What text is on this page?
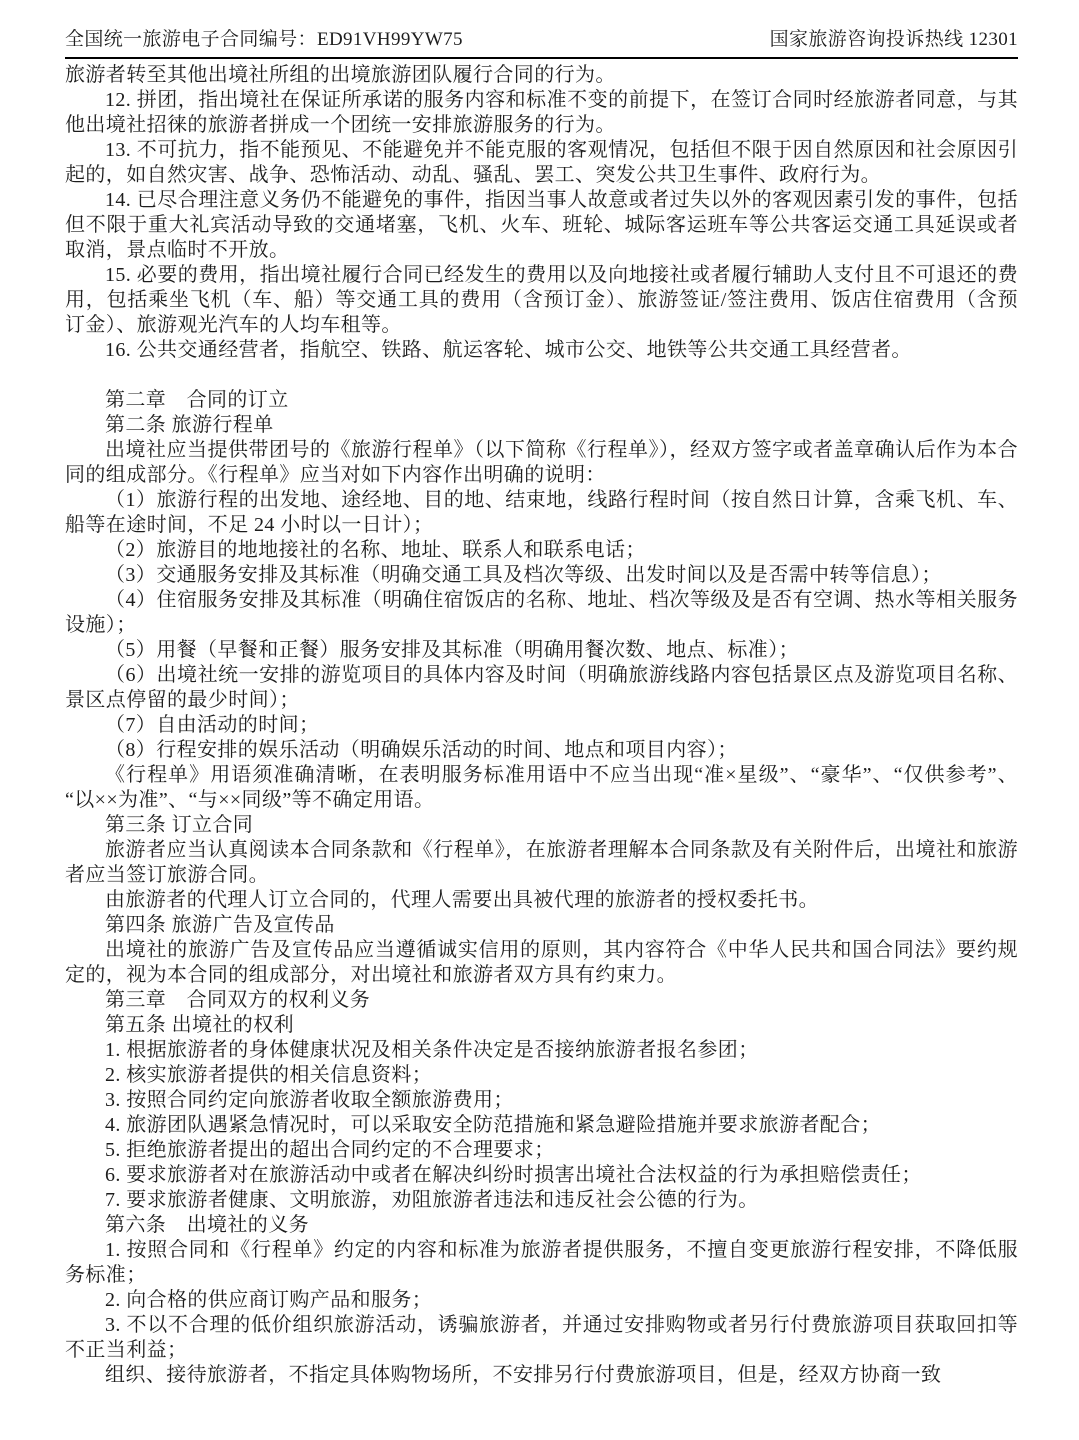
全国统一旅游电子合同编号：ED91VH99YW75	国家旅游咨询投诉热线 12301

旅游者转至其他出境社所组的出境旅游团队履行合同的行为。

12. 拼团，指出境社在保证所承诺的服务内容和标准不变的前提下，在签订合同时经旅游者同意，与其他出境社招徕的旅游者拼成一个团统一安排旅游服务的行为。

13. 不可抗力，指不能预见、不能避免并不能克服的客观情况，包括但不限于因自然原因和社会原因引起的，如自然灾害、战争、恐怖活动、动乱、骚乱、罢工、突发公共卫生事件、政府行为。

14. 已尽合理注意义务仍不能避免的事件，指因当事人故意或者过失以外的客观因素引发的事件，包括但不限于重大礼宾活动导致的交通堵塞，飞机、火车、班轮、城际客运班车等公共客运交通工具延误或者取消，景点临时不开放。

15. 必要的费用，指出境社履行合同已经发生的费用以及向地接社或者履行辅助人支付且不可退还的费用，包括乘坐飞机（车、船）等交通工具的费用（含预订金）、旅游签证/签注费用、饭店住宿费用（含预订金）、旅游观光汽车的人均车租等。

16. 公共交通经营者，指航空、铁路、航运客轮、城市公交、地铁等公共交通工具经营者。

第二章　合同的订立

第二条 旅游行程单

出境社应当提供带团号的《旅游行程单》（以下简称《行程单》），经双方签字或者盖章确认后作为本合同的组成部分。《行程单》应当对如下内容作出明确的说明：

（1）旅游行程的出发地、途经地、目的地、结束地，线路行程时间（按自然日计算，含乘飞机、车、船等在途时间，不足 24 小时以一日计）；

（2）旅游目的地地接社的名称、地址、联系人和联系电话；

（3）交通服务安排及其标准（明确交通工具及档次等级、出发时间以及是否需中转等信息）；

（4）住宿服务安排及其标准（明确住宿饭店的名称、地址、档次等级及是否有空调、热水等相关服务设施）；

（5）用餐（早餐和正餐）服务安排及其标准（明确用餐次数、地点、标准）；

（6）出境社统一安排的游览项目的具体内容及时间（明确旅游线路内容包括景区点及游览项目名称、景区点停留的最少时间）；

（7）自由活动的时间；

（8）行程安排的娱乐活动（明确娱乐活动的时间、地点和项目内容）；

《行程单》用语须准确清晰，在表明服务标准用语中不应当出现“准×星级”、“豪华”、“仅供参考”、“以××为准”、“与××同级”等不确定用语。

第三条 订立合同

旅游者应当认真阅读本合同条款和《行程单》，在旅游者理解本合同条款及有关附件后，出境社和旅游者应当签订旅游合同。

由旅游者的代理人订立合同的，代理人需要出具被代理的旅游者的授权委托书。

第四条 旅游广告及宣传品

出境社的旅游广告及宣传品应当遵循诚实信用的原则，其内容符合《中华人民共和国合同法》要约规定的，视为本合同的组成部分，对出境社和旅游者双方具有约束力。

第三章　合同双方的权利义务

第五条 出境社的权利

1. 根据旅游者的身体健康状况及相关条件决定是否接纳旅游者报名参团；

2. 核实旅游者提供的相关信息资料；

3. 按照合同约定向旅游者收取全额旅游费用；

4. 旅游团队遇紧急情况时，可以采取安全防范措施和紧急避险措施并要求旅游者配合；

5. 拒绝旅游者提出的超出合同约定的不合理要求；

6. 要求旅游者对在旅游活动中或者在解决纠纷时损害出境社合法权益的行为承担赔偿责任；

7. 要求旅游者健康、文明旅游，劝阻旅游者违法和违反社会公德的行为。

第六条　出境社的义务

1. 按照合同和《行程单》约定的内容和标准为旅游者提供服务，不擅自变更旅游行程安排，不降低服务标准；

2. 向合格的供应商订购产品和服务；

3. 不以不合理的低价组织旅游活动，诱骗旅游者，并通过安排购物或者另行付费旅游项目获取回扣等不正当利益；

组织、接待旅游者，不指定具体购物场所，不安排另行付费旅游项目，但是，经双方协商一致
